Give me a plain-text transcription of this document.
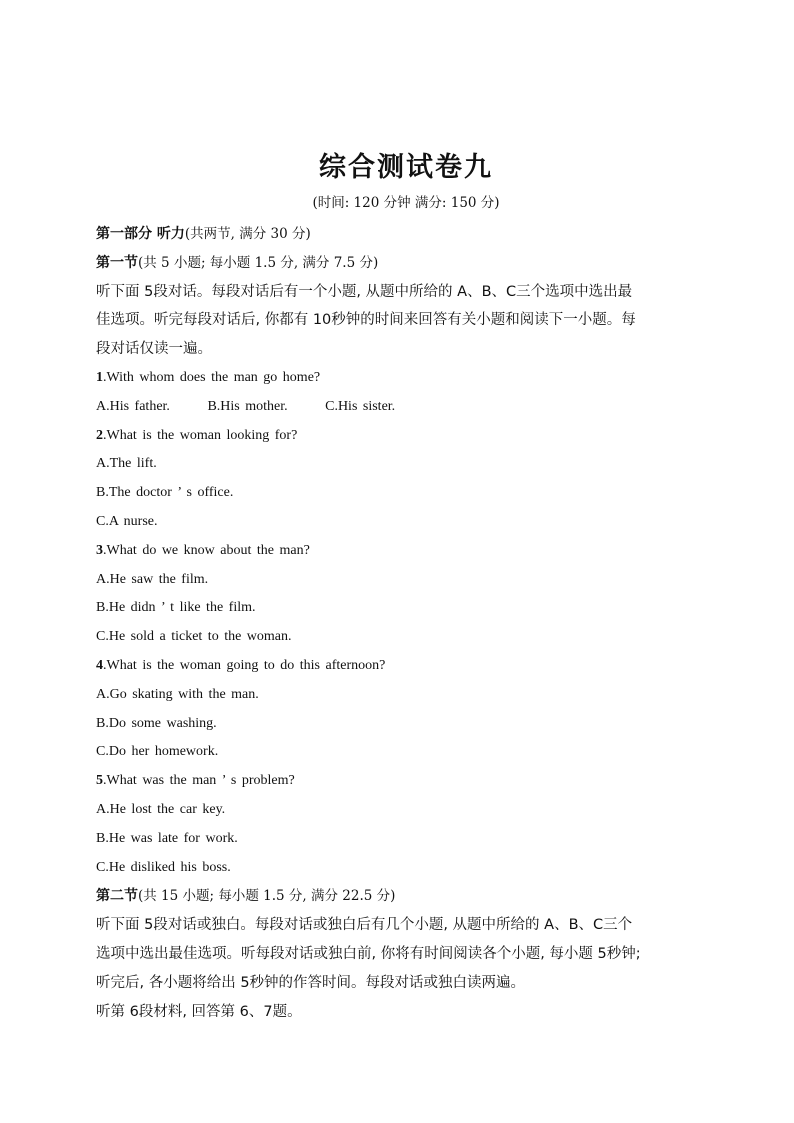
综合测试卷九
(时间: 120 分钟 满分: 150 分)
第一部分 听力(共两节, 满分 30 分)
第一节(共 5 小题; 每小题 1.5 分, 满分 7.5 分)
听下面 5段对话。每段对话后有一个小题, 从题中所给的 A、B、C三个选项中选出最
佳选项。听完每段对话后, 你都有 10秒钟的时间来回答有关小题和阅读下一小题。每
段对话仅读一遍。
1.With whom does the man go home?
A.His father.	B.His mother.	C.His sister.
2.What is the woman looking for?
A.The lift.
B.The doctor ’ s office.
C.A nurse.
3.What do we know about the man?
A.He saw the film.
B.He didn ’ t like the film.
C.He sold a ticket to the woman.
4.What is the woman going to do this afternoon?
A.Go skating with the man.
B.Do some washing.
C.Do her homework.
5.What was the man ’ s problem?
A.He lost the car key.
B.He was late for work.
C.He disliked his boss.
第二节(共 15 小题; 每小题 1.5 分, 满分 22.5 分)
听下面 5段对话或独白。每段对话或独白后有几个小题, 从题中所给的 A、B、C三个
选项中选出最佳选项。听每段对话或独白前, 你将有时间阅读各个小题, 每小题 5秒钟;
听完后, 各小题将给出 5秒钟的作答时间。每段对话或独白读两遍。
听第 6段材料, 回答第 6、7题。
